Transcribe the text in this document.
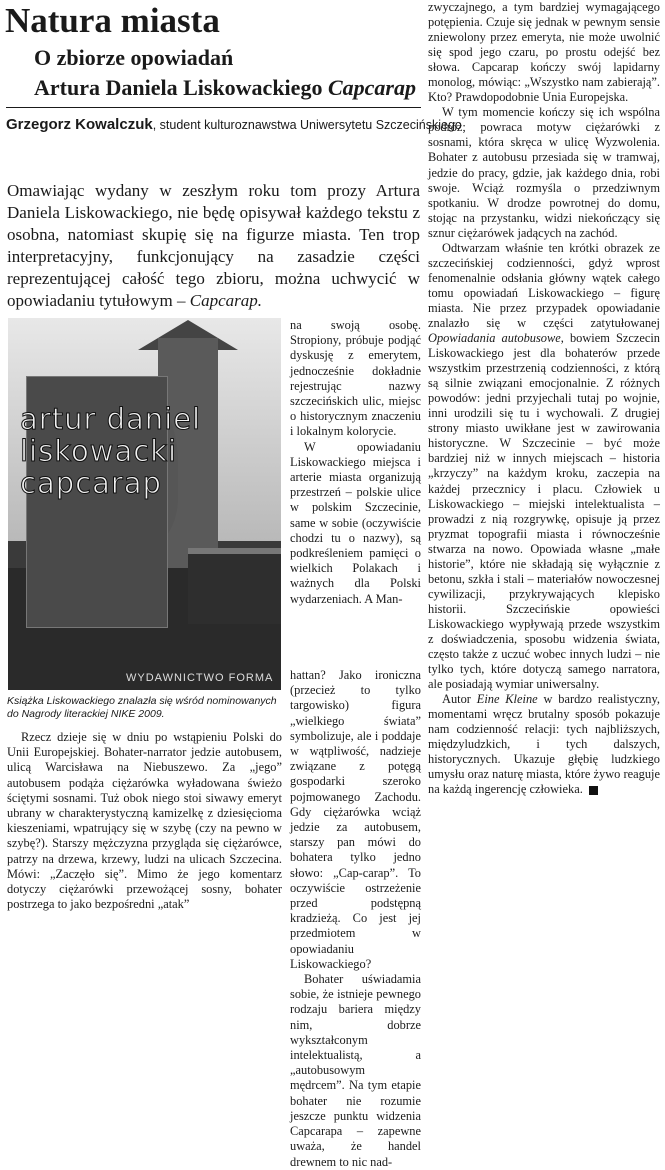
Natura miasta
O zbiorze opowiadań
Artura Daniela Liskowackiego Capcarap
Grzegorz Kowalczuk, student kulturoznawstwa Uniwersytetu Szczecińskiego
Omawiając wydany w zeszłym roku tom prozy Artura Daniela Liskowackiego, nie będę opisywał każdego tekstu z osobna, natomiast skupię się na figurze miasta. Ten trop interpretacyjny, funkcjonujący na zasadzie części reprezentującej całość tego zbioru, można uchwycić w opowiadaniu tytułowym – Capcarap.
artur daniel
liskowacki
capcarap
WYDAWNICTWO FORMA
Książka Liskowackiego znalazła się wśród nominowanych do Nagrody literackiej NIKE 2009.

na swoją osobę. Stropiony, próbuje podjąć dyskusję z emerytem, jednocześnie dokładnie rejestrując nazwy szczecińskich ulic, miejsc o historycznym znaczeniu i lokalnym kolorycie.

W opowiadaniu Liskowackiego miejsca i arterie miasta organizują przestrzeń – polskie ulice w polskim Szczecinie, same w sobie (oczywiście chodzi tu o nazwy), są podkreśleniem pamięci o wielkich Polakach i ważnych dla Polski wydarzeniach. A Man-

Rzecz dzieje się w dniu po wstąpieniu Polski do Unii Europejskiej. Bohater-narrator jedzie autobusem, ulicą Warcisława na Niebuszewo. Za „jego” autobusem podąża ciężarówka wyładowana świeżo ściętymi sosnami. Tuż obok niego stoi siwawy emeryt ubrany w charakterystyczną kamizelkę z dziesięcioma kieszeniami, wpatrujący się w szybę (czy na pewno w szybę?). Starszy mężczyzna przygląda się ciężarówce, patrzy na drzewa, krzewy, ludzi na ulicach Szczecina. Mówi: „Zaczęło się”. Mimo że jego komentarz dotyczy ciężarówki przewożącej sosny, bohater postrzega to jako bezpośredni „atak”

hattan? Jako ironiczna (przecież to tylko targowisko) figura „wielkiego świata” symbolizuje, ale i poddaje w wątpliwość, nadzieje związane z potęgą gospodarki szeroko pojmowanego Zachodu. Gdy ciężarówka wciąż jedzie za autobusem, starszy pan mówi do bohatera tylko jedno słowo: „Cap-carap”. To oczywiście ostrzeżenie przed podstępną kradzieżą. Co jest jej przedmiotem w opowiadaniu Liskowackiego?

Bohater uświadamia sobie, że istnieje pewnego rodzaju bariera między nim, dobrze wykształconym intelektualistą, a „autobusowym mędrcem”. Na tym etapie bohater nie rozumie jeszcze punktu widzenia Capcarapa – zapewne uważa, że handel drewnem to nic nad-

zwyczajnego, a tym bardziej wymagającego potępienia. Czuje się jednak w pewnym sensie zniewolony przez emeryta, nie może uwolnić się spod jego czaru, po prostu odejść bez słowa. Capcarap kończy swój lapidarny monolog, mówiąc: „Wszystko nam zabierają”. Kto? Prawdopodobnie Unia Europejska.

W tym momencie kończy się ich wspólna podróż; powraca motyw ciężarówki z sosnami, która skręca w ulicę Wyzwolenia. Bohater z autobusu przesiada się w tramwaj, jedzie do pracy, gdzie, jak każdego dnia, robi swoje. Wciąż rozmyśla o przedziwnym spotkaniu. W drodze powrotnej do domu, stojąc na przystanku, widzi niekończący się sznur ciężarówek jadących na zachód.

Odtwarzam właśnie ten krótki obrazek ze szczecińskiej codzienności, gdyż wprost fenomenalnie odsłania główny wątek całego tomu opowiadań Liskowackiego – figurę miasta. Nie przez przypadek opowiadanie znalazło się w części zatytułowanej Opowiadania autobusowe, bowiem Szczecin Liskowackiego jest dla bohaterów przede wszystkim przestrzenią codzienności, z którą są silnie związani emocjonalnie. Z różnych powodów: jedni przyjechali tutaj po wojnie, inni urodzili się tu i wychowali. Z drugiej strony miasto uwikłane jest w zawirowania historyczne. W Szczecinie – być może bardziej niż w innych miejscach – historia „krzyczy” na każdym kroku, zaczepia na każdej przecznicy i placu. Człowiek u Liskowackiego – miejski intelektualista – prowadzi z nią rozgrywkę, opisuje ją przez pryzmat topografii miasta i równocześnie stwarza na nowo. Opowiada własne „małe historie”, które nie składają się wyłącznie z betonu, szkła i stali – materiałów nowoczesnej cywilizacji, przykrywających klepisko historii. Szczecińskie opowieści Liskowackiego wypływają przede wszystkim z doświadczenia, sposobu widzenia świata, często także z uczuć wobec innych ludzi – nie tylko tych, które dotyczą samego narratora, ale posiadają wymiar uniwersalny.

Autor Eine Kleine w bardzo realistyczny, momentami wręcz brutalny sposób pokazuje nam codzienność relacji: tych najbliższych, międzyludzkich, i tych dalszych, historycznych. Ukazuje głębię ludzkiego umysłu oraz naturę miasta, które żywo reaguje na każdą ingerencję człowieka.
